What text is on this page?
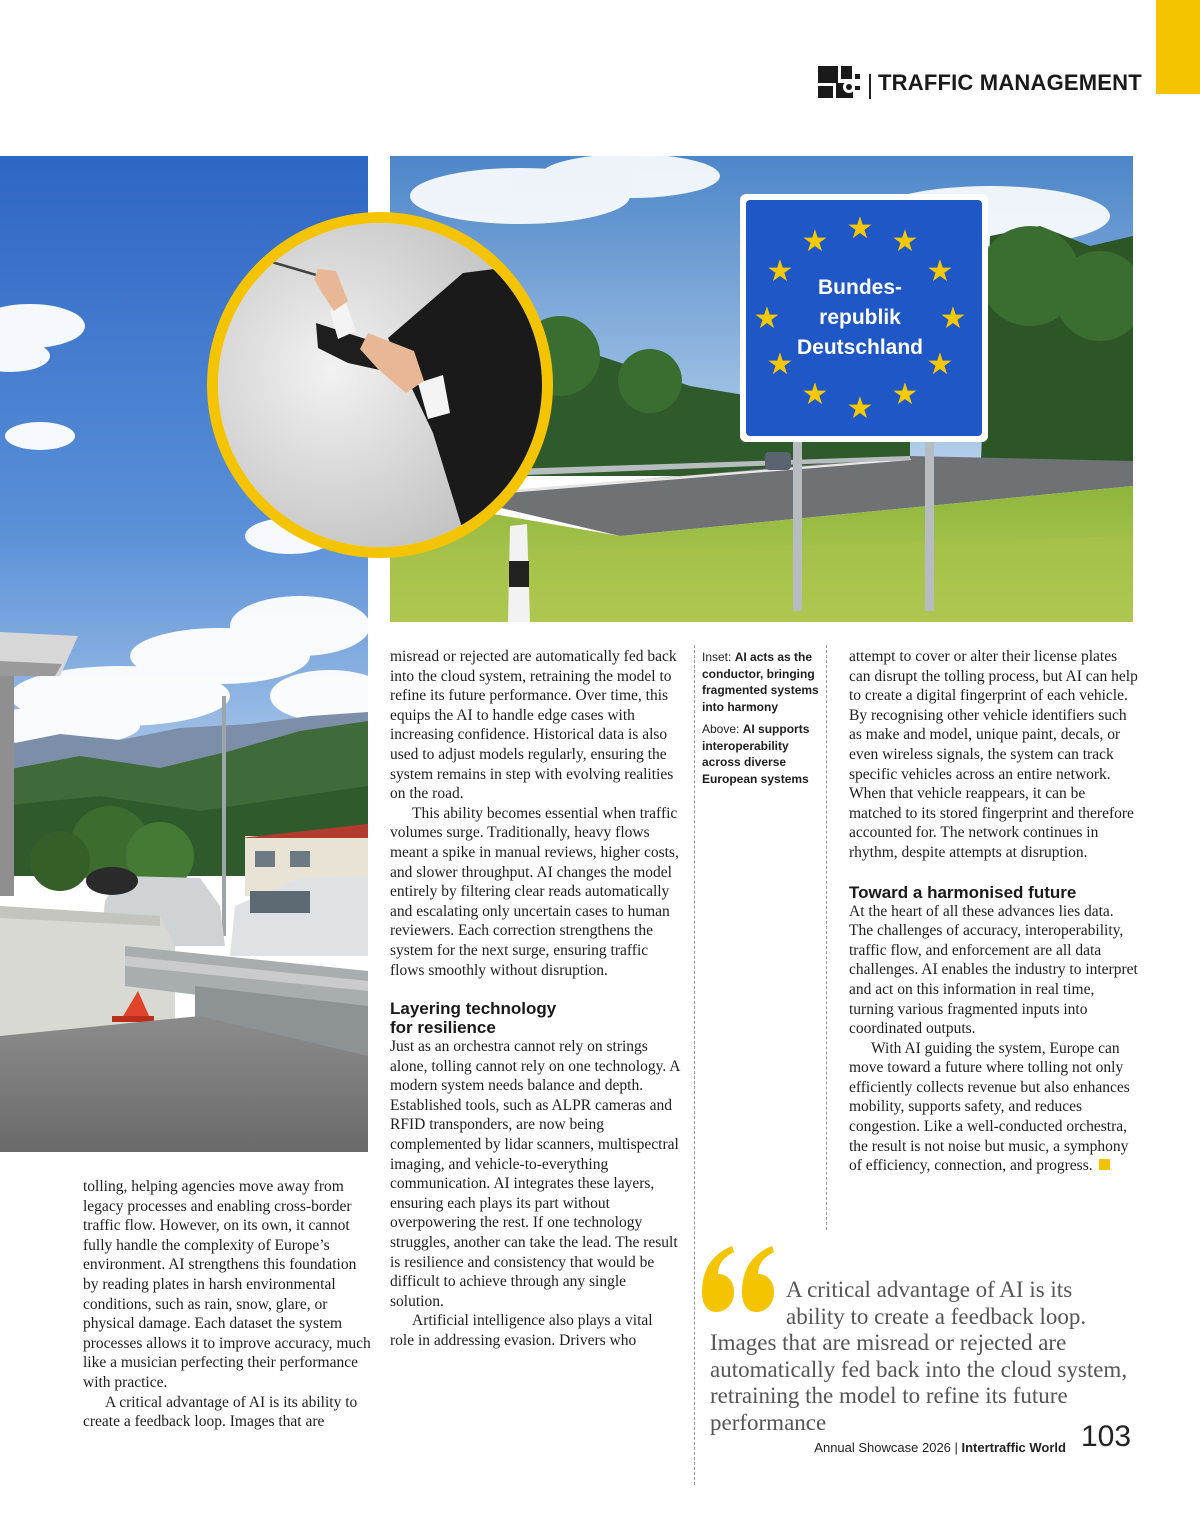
TRAFFIC MANAGEMENT
★ ★
★
★
★
★
★
★
★
★
★
★
Bundes-
republik
Deutschland

tolling, helping agencies move away from legacy processes and enabling cross-border traffic flow. However, on its own, it cannot fully handle the complexity of Europe’s environment. AI strengthens this foundation by reading plates in harsh environmental conditions, such as rain, snow, glare, or physical damage. Each dataset the system processes allows it to improve accuracy, much like a musician perfecting their performance with practice.

A critical advantage of AI is its ability to create a feedback loop. Images that are

misread or rejected are automatically fed back into the cloud system, retraining the model to refine its future performance. Over time, this equips the AI to handle edge cases with increasing confidence. Historical data is also used to adjust models regularly, ensuring the system remains in step with evolving realities on the road.

This ability becomes essential when traffic volumes surge. Traditionally, heavy flows meant a spike in manual reviews, higher costs, and slower throughput. AI changes the model entirely by filtering clear reads automatically and escalating only uncertain cases to human reviewers. Each correction strengthens the system for the next surge, ensuring traffic flows smoothly without disruption.

Layering technology
for resilience

Just as an orchestra cannot rely on strings alone, tolling cannot rely on one technology. A modern system needs balance and depth. Established tools, such as ALPR cameras and RFID transponders, are now being complemented by lidar scanners, multispectral imaging, and vehicle-to-everything communication. AI integrates these layers, ensuring each plays its part without overpowering the rest. If one technology struggles, another can take the lead. The result is resilience and consistency that would be difficult to achieve through any single solution.

Artificial intelligence also plays a vital role in addressing evasion. Drivers who

Inset: AI acts as the conductor, bringing fragmented systems into harmony
Above: AI supports interoperability across diverse European systems

attempt to cover or alter their license plates can disrupt the tolling process, but AI can help to create a digital fingerprint of each vehicle. By recognising other vehicle identifiers such as make and model, unique paint, decals, or even wireless signals, the system can track specific vehicles across an entire network. When that vehicle reappears, it can be matched to its stored fingerprint and therefore accounted for. The network continues in rhythm, despite attempts at disruption.

Toward a harmonised future

At the heart of all these advances lies data. The challenges of accuracy, interoperability, traffic flow, and enforcement are all data challenges. AI enables the industry to interpret and act on this information in real time, turning various fragmented inputs into coordinated outputs.

With AI guiding the system, Europe can move toward a future where tolling not only efficiently collects revenue but also enhances mobility, supports safety, and reduces congestion. Like a well-conducted orchestra, the result is not noise but music, a symphony of efficiency, connection, and progress.

A critical advantage of AI is its ability to create a feedback loop.
Images that are misread or rejected are automatically fed back into the cloud system, retraining the model to refine its future performance
Annual Showcase 2026 | Intertraffic World 103
